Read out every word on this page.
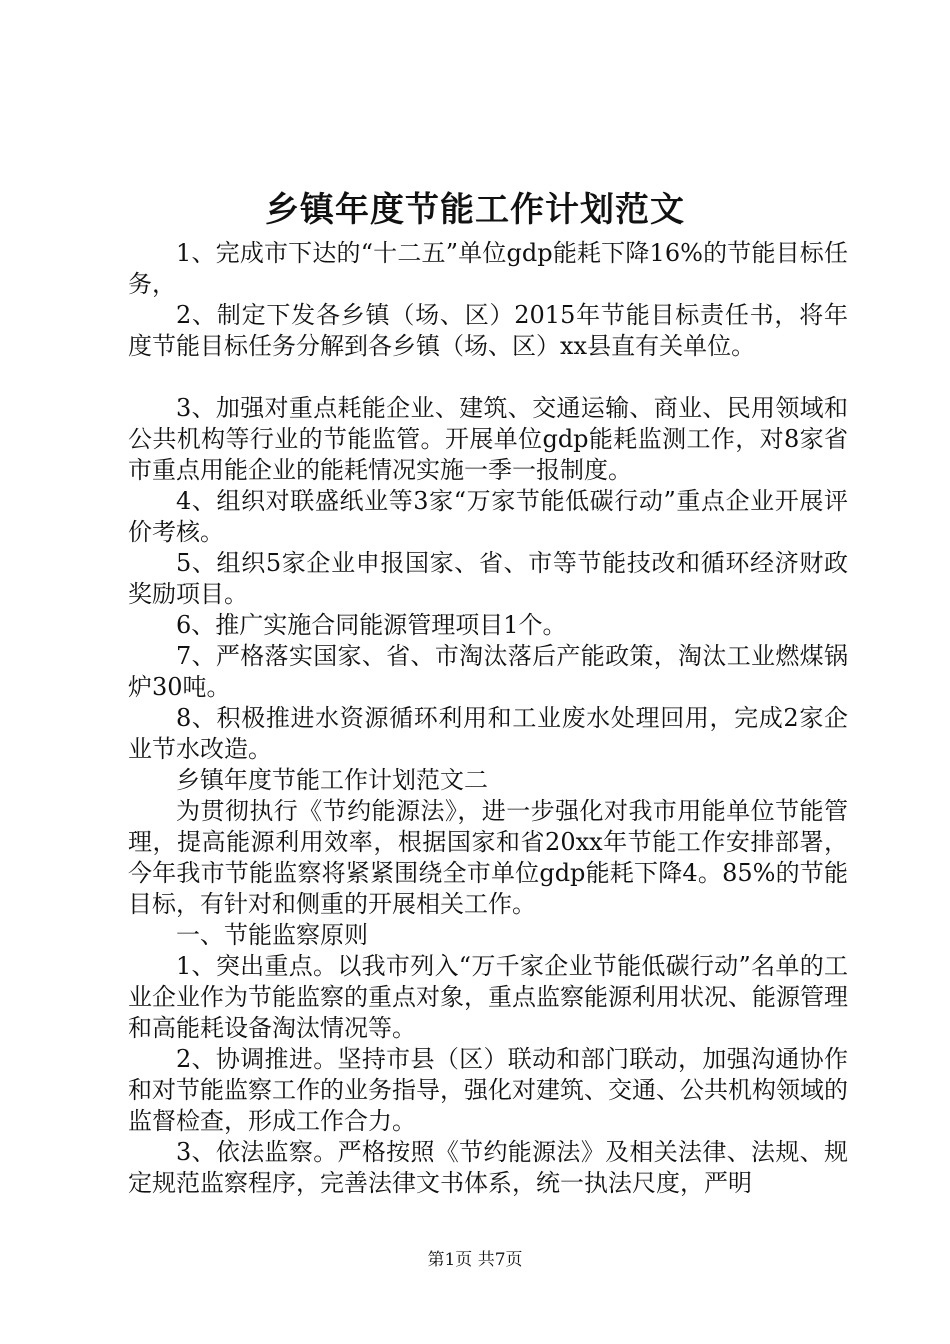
乡镇年度节能工作计划范文

1、完成市下达的“十二五”单位gdp能耗下降16%的节能目标任务，

2、制定下发各乡镇（场、区）2015年节能目标责任书，将年度节能目标任务分解到各乡镇（场、区）xx县直有关单位。

3、加强对重点耗能企业、建筑、交通运输、商业、民用领域和公共机构等行业的节能监管。开展单位gdp能耗监测工作，对8家省市重点用能企业的能耗情况实施一季一报制度。

4、组织对联盛纸业等3家“万家节能低碳行动”重点企业开展评价考核。

5、组织5家企业申报国家、省、市等节能技改和循环经济财政奖励项目。

6、推广实施合同能源管理项目1个。

7、严格落实国家、省、市淘汰落后产能政策，淘汰工业燃煤锅炉30吨。

8、积极推进水资源循环利用和工业废水处理回用，完成2家企业节水改造。

乡镇年度节能工作计划范文二

为贯彻执行《节约能源法》，进一步强化对我市用能单位节能管理，提高能源利用效率，根据国家和省20xx年节能工作安排部署，今年我市节能监察将紧紧围绕全市单位gdp能耗下降4。85%的节能目标，有针对和侧重的开展相关工作。

一、节能监察原则

1、突出重点。以我市列入“万千家企业节能低碳行动”名单的工业企业作为节能监察的重点对象，重点监察能源利用状况、能源管理和高能耗设备淘汰情况等。

2、协调推进。坚持市县（区）联动和部门联动，加强沟通协作和对节能监察工作的业务指导，强化对建筑、交通、公共机构领域的监督检查，形成工作合力。

3、依法监察。严格按照《节约能源法》及相关法律、法规、规定规范监察程序，完善法律文书体系，统一执法尺度，严明

第1页 共7页
